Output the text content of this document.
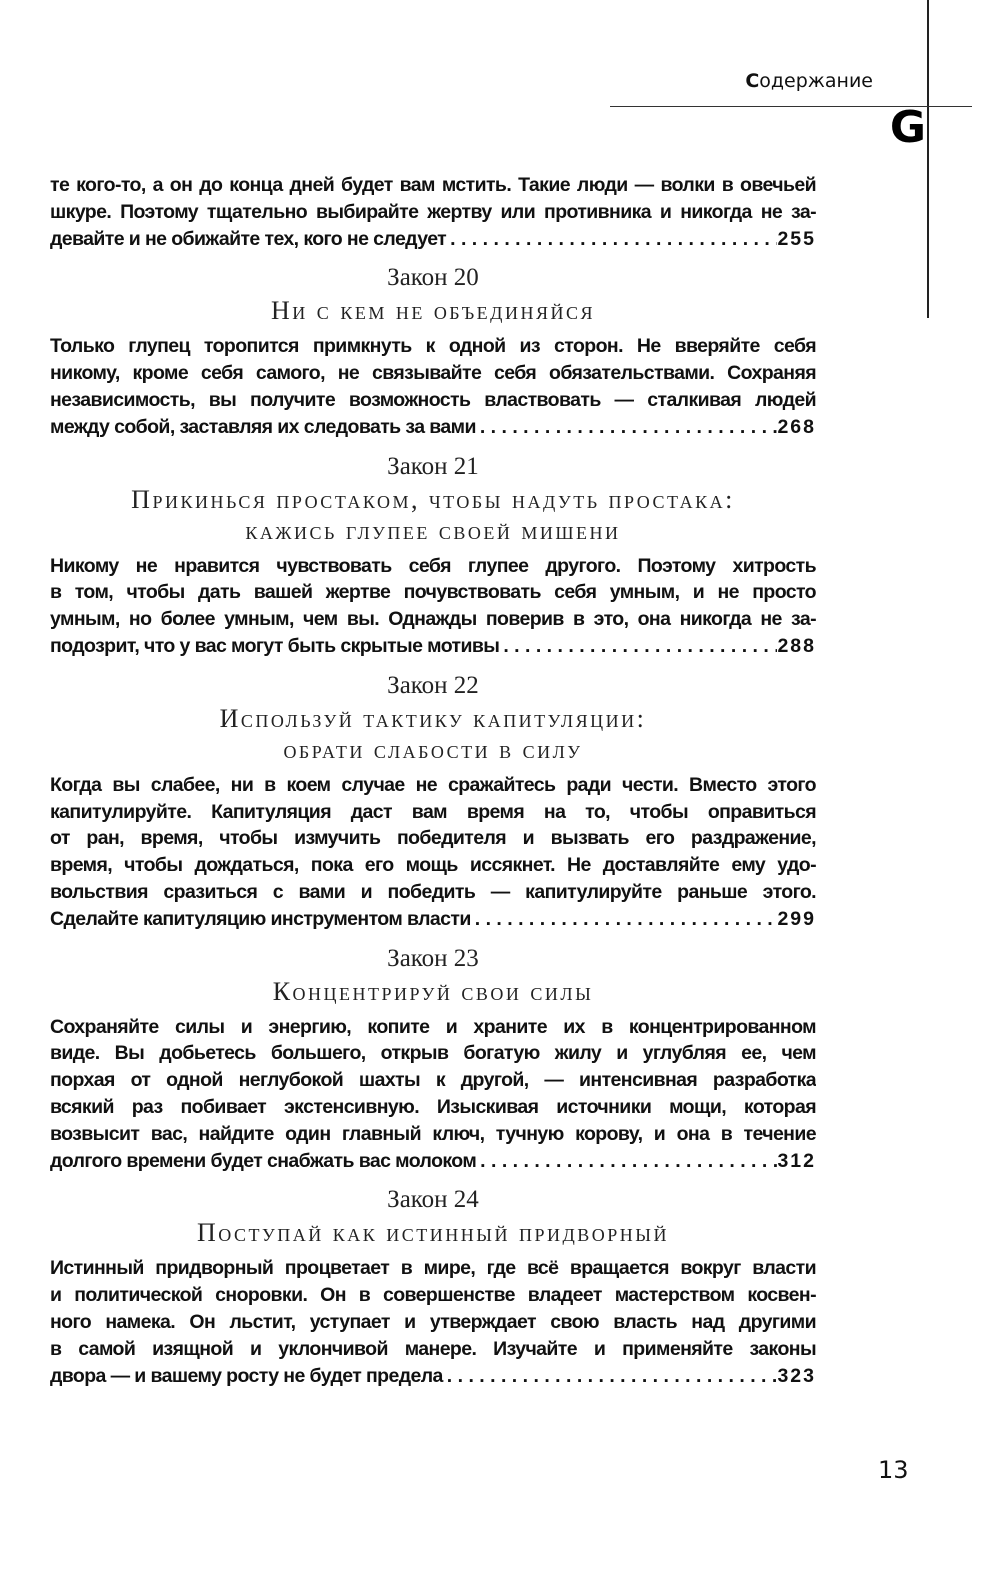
Содержание
G
те кого-то, а он до конца дней будет вам мстить. Такие люди — волки в овечьей
шкуре. Поэтому тщательно выбирайте жертву или противника и никогда не за-
девайте и не обижайте тех, кого не следует . . .	255
Закон 20
Ни с кем не объединяйся
Только глупец торопится примкнуть к одной из сторон. Не вверяйте себя
никому, кроме себя самого, не связывайте себя обязательствами. Сохраняя
независимость, вы получите возможность властвовать — сталкивая людей
между собой, заставляя их следовать за вами . . .	268
Закон 21
Прикинься простаком, чтобы надуть простака:
кажись глупее своей мишени
Никому не нравится чувствовать себя глупее другого. Поэтому хитрость
в том, чтобы дать вашей жертве почувствовать себя умным, и не просто
умным, но более умным, чем вы. Однажды поверив в это, она никогда не за-
подозрит, что у вас могут быть скрытые мотивы . . .	288
Закон 22
Используй тактику капитуляции:
обрати слабости в силу
Когда вы слабее, ни в коем случае не сражайтесь ради чести. Вместо этого
капитулируйте. Капитуляция даст вам время на то, чтобы оправиться
от ран, время, чтобы измучить победителя и вызвать его раздражение,
время, чтобы дождаться, пока его мощь иссякнет. Не доставляйте ему удо-
вольствия сразиться с вами и победить — капитулируйте раньше этого.
Сделайте капитуляцию инструментом власти . . .	299
Закон 23
Концентрируй свои силы
Сохраняйте силы и энергию, копите и храните их в концентрированном
виде. Вы добьетесь большего, открыв богатую жилу и углубляя ее, чем
порхая от одной неглубокой шахты к другой, — интенсивная разработка
всякий раз побивает экстенсивную. Изыскивая источники мощи, которая
возвысит вас, найдите один главный ключ, тучную корову, и она в течение
долгого времени будет снабжать вас молоком . . .	312
Закон 24
Поступай как истинный придворный
Истинный придворный процветает в мире, где всё вращается вокруг власти
и политической сноровки. Он в совершенстве владеет мастерством косвен-
ного намека. Он льстит, уступает и утверждает свою власть над другими
в самой изящной и уклончивой манере. Изучайте и применяйте законы
двора — и вашему росту не будет предела . . .	323
13
